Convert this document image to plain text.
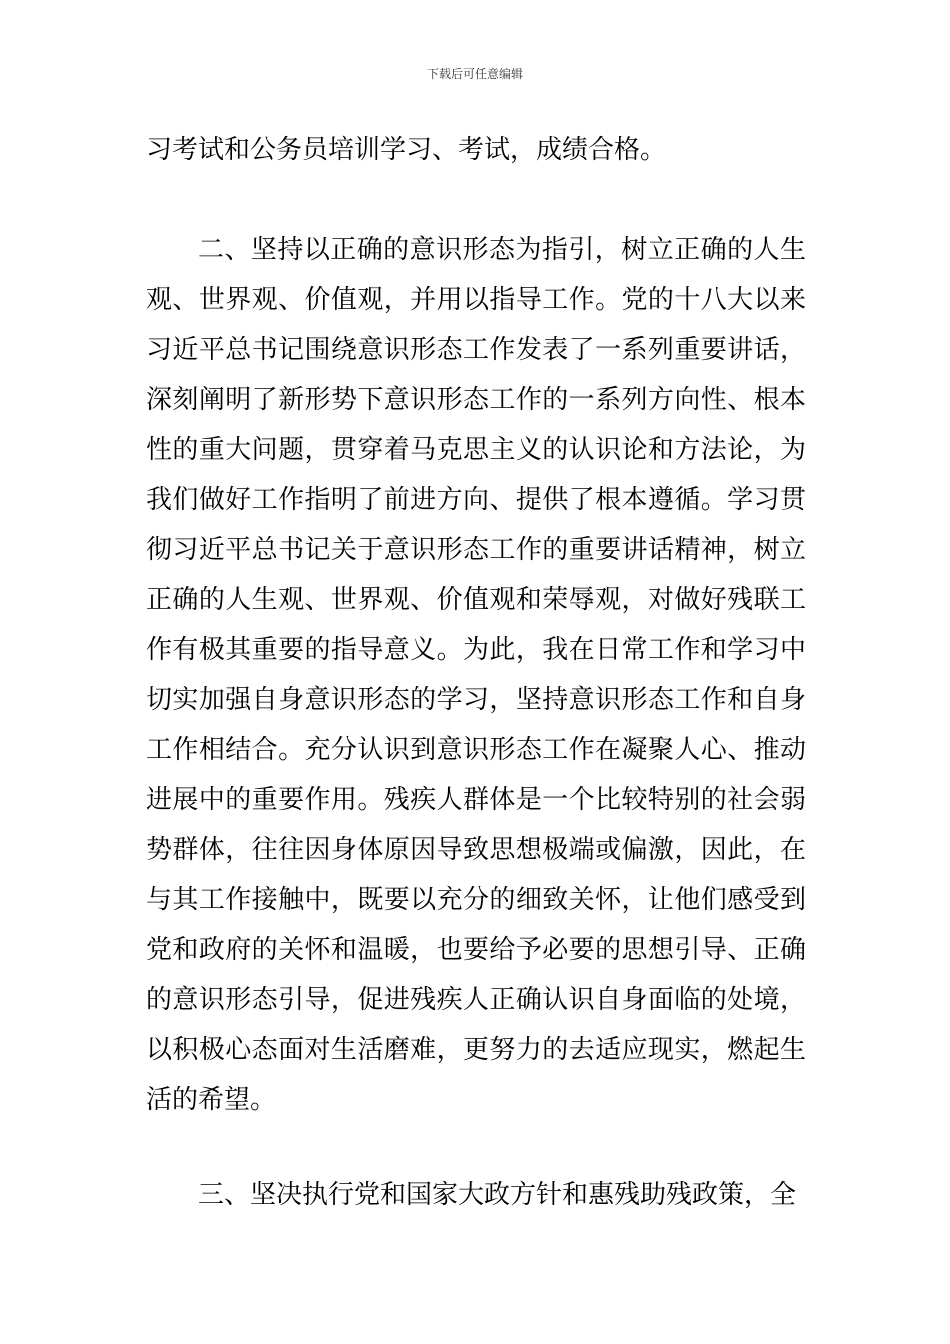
下载后可任意编辑

习考试和公务员培训学习、考试，成绩合格。

二、坚持以正确的意识形态为指引，树立正确的人生观、世界观、价值观，并用以指导工作。党的十八大以来习近平总书记围绕意识形态工作发表了一系列重要讲话，深刻阐明了新形势下意识形态工作的一系列方向性、根本性的重大问题，贯穿着马克思主义的认识论和方法论，为我们做好工作指明了前进方向、提供了根本遵循。学习贯彻习近平总书记关于意识形态工作的重要讲话精神，树立正确的人生观、世界观、价值观和荣辱观，对做好残联工作有极其重要的指导意义。为此，我在日常工作和学习中切实加强自身意识形态的学习，坚持意识形态工作和自身工作相结合。充分认识到意识形态工作在凝聚人心、推动进展中的重要作用。残疾人群体是一个比较特别的社会弱势群体，往往因身体原因导致思想极端或偏激，因此，在与其工作接触中，既要以充分的细致关怀，让他们感受到党和政府的关怀和温暖，也要给予必要的思想引导、正确的意识形态引导，促进残疾人正确认识自身面临的处境，以积极心态面对生活磨难，更努力的去适应现实，燃起生活的希望。

三、坚决执行党和国家大政方针和惠残助残政策，全
